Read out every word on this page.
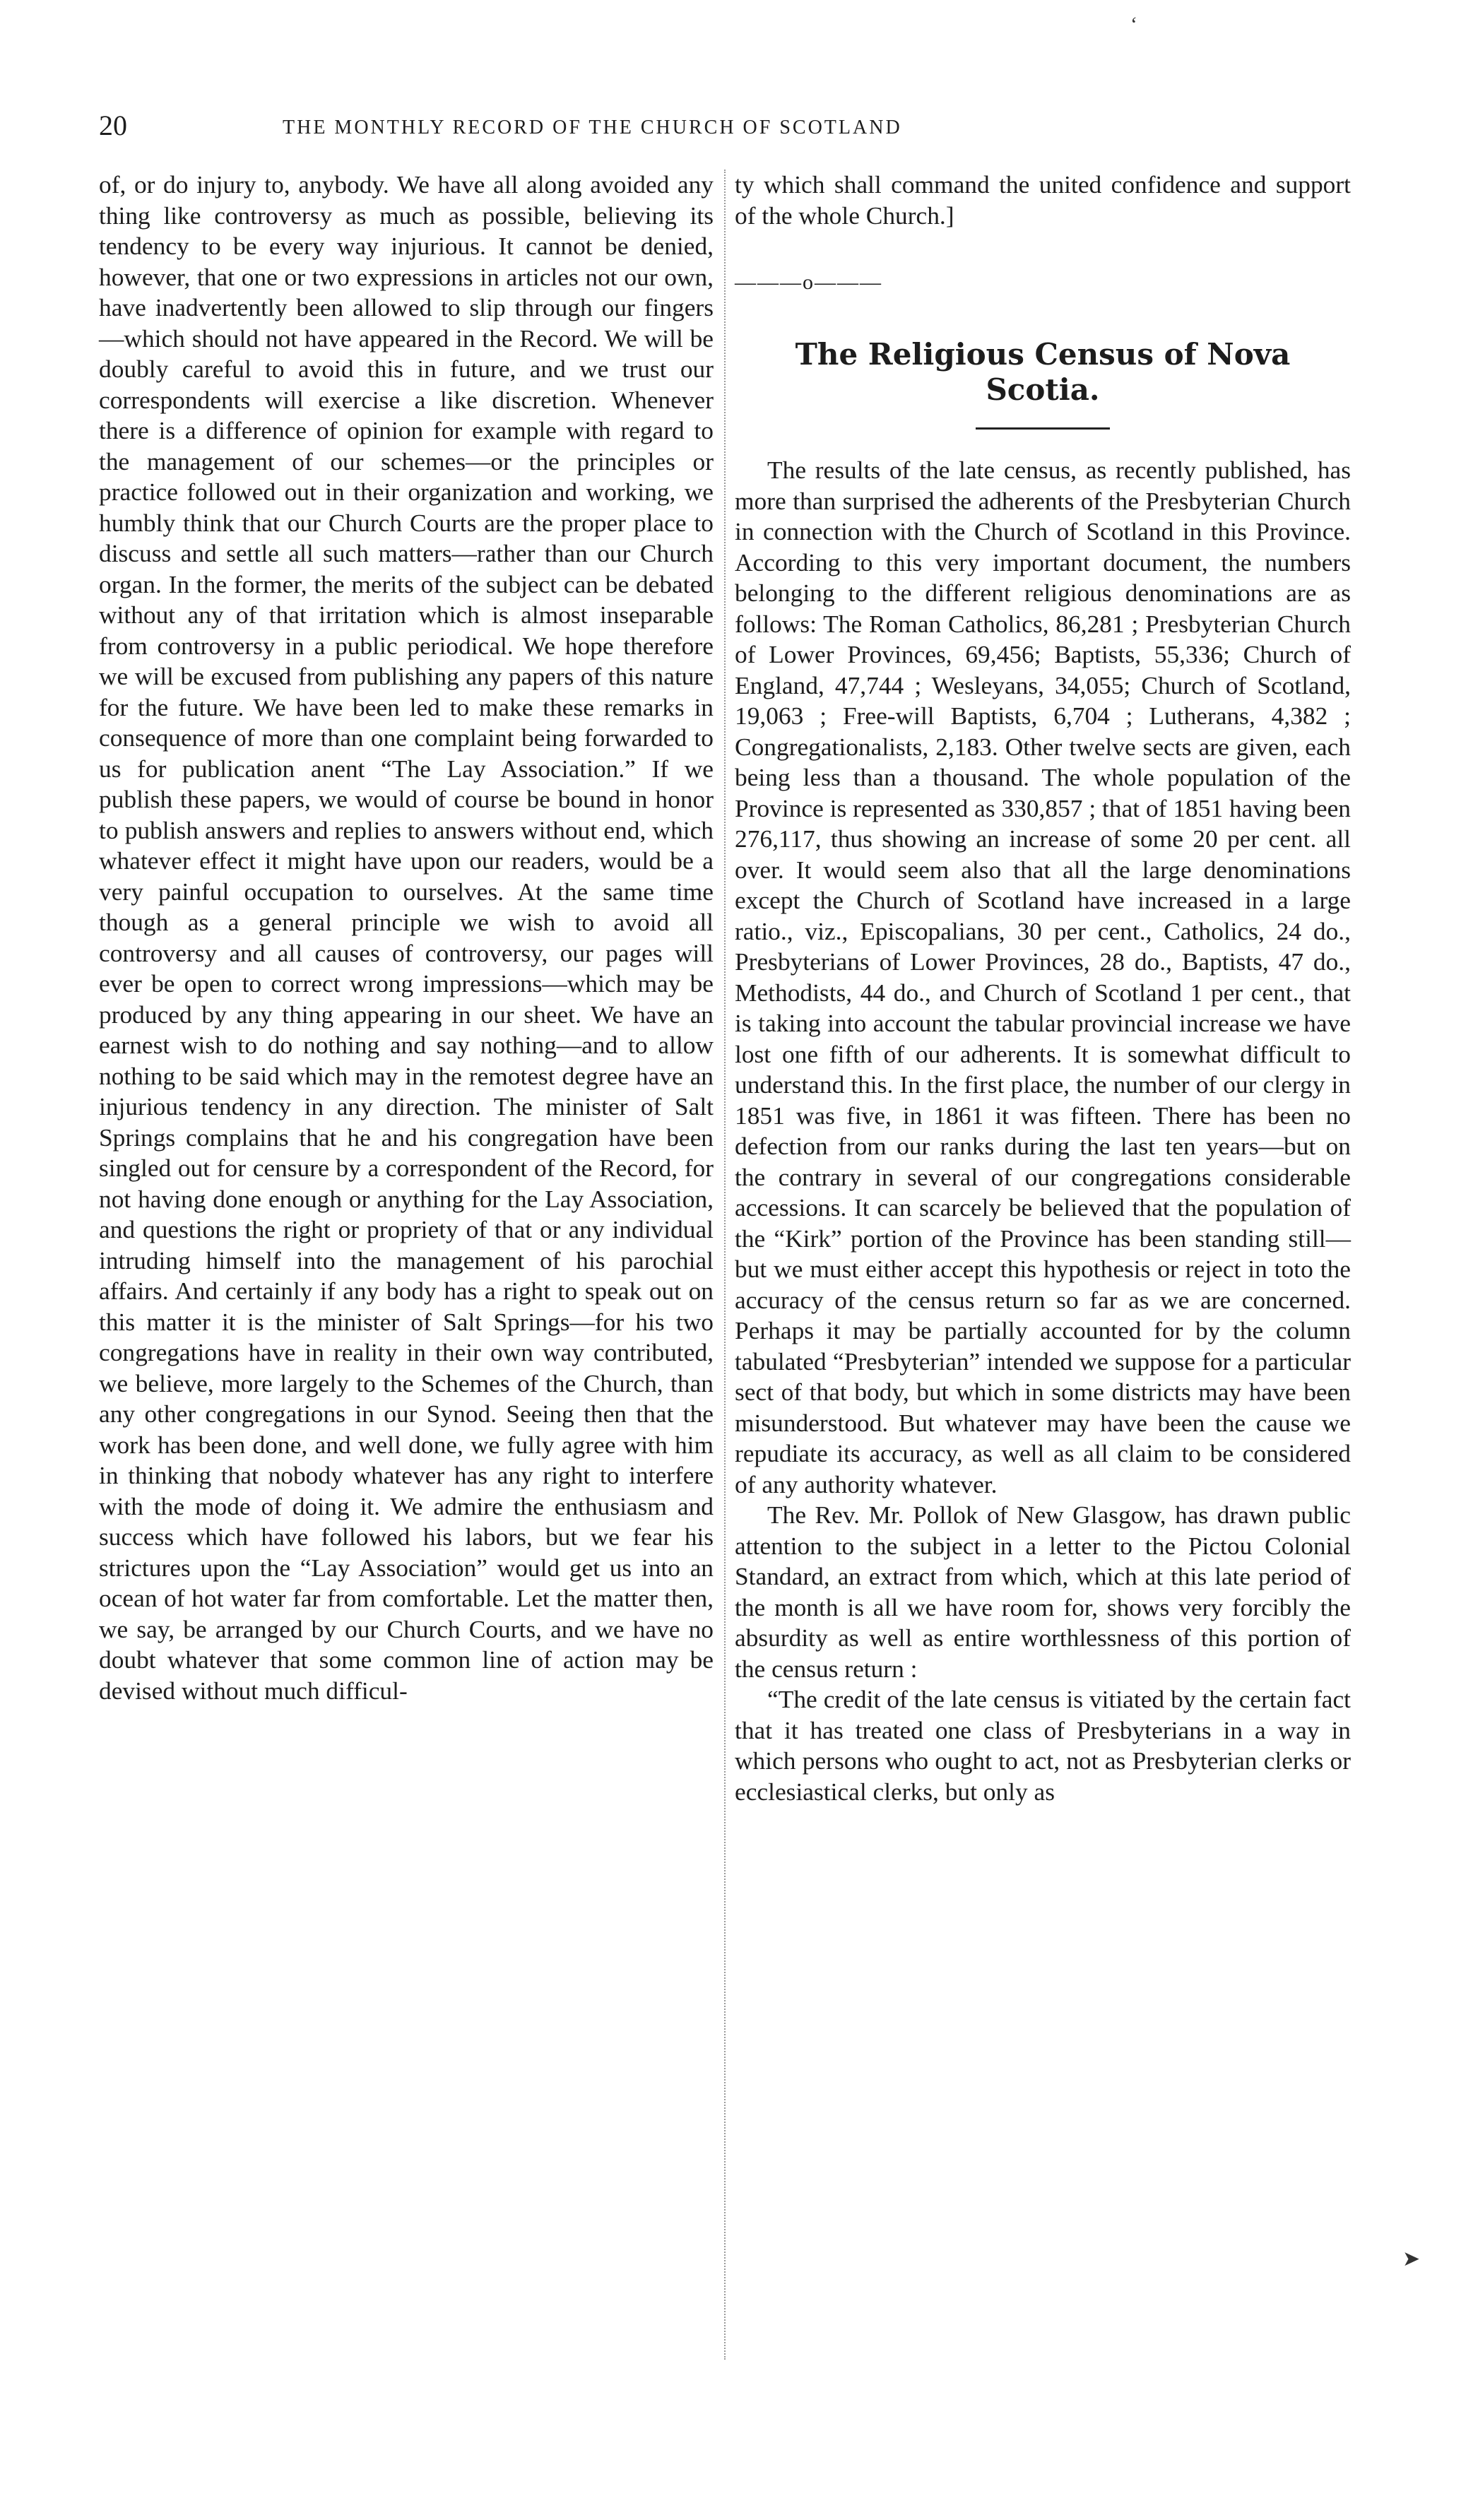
20	THE MONTHLY RECORD OF THE CHURCH OF SCOTLAND

of, or do injury to, anybody. We have all along avoided any thing like controversy as much as possible, believing its tendency to be every way injurious. It cannot be denied, however, that one or two expressions in articles not our own, have inadvertently been allowed to slip through our fingers—which should not have appeared in the Record. We will be doubly careful to avoid this in future, and we trust our correspondents will exercise a like discretion. Whenever there is a difference of opinion for example with regard to the management of our schemes—or the principles or practice followed out in their organization and working, we humbly think that our Church Courts are the proper place to discuss and settle all such matters—rather than our Church organ. In the former, the merits of the subject can be debated without any of that irritation which is almost inseparable from controversy in a public periodical. We hope therefore we will be excused from publishing any papers of this nature for the future. We have been led to make these remarks in consequence of more than one complaint being forwarded to us for publication anent “The Lay Association.” If we publish these papers, we would of course be bound in honor to publish answers and replies to answers without end, which whatever effect it might have upon our readers, would be a very painful occupation to ourselves. At the same time though as a general principle we wish to avoid all controversy and all causes of controversy, our pages will ever be open to correct wrong impressions—which may be produced by any thing appearing in our sheet. We have an earnest wish to do nothing and say nothing—and to allow nothing to be said which may in the remotest degree have an injurious tendency in any direction. The minister of Salt Springs complains that he and his congregation have been singled out for censure by a correspondent of the Record, for not having done enough or anything for the Lay Association, and questions the right or propriety of that or any individual intruding himself into the management of his parochial affairs. And certainly if any body has a right to speak out on this matter it is the minister of Salt Springs—for his two congregations have in reality in their own way contributed, we believe, more largely to the Schemes of the Church, than any other congregations in our Synod. Seeing then that the work has been done, and well done, we fully agree with him in thinking that nobody whatever has any right to interfere with the mode of doing it. We admire the enthusiasm and success which have followed his labors, but we fear his strictures upon the “Lay Association” would get us into an ocean of hot water far from comfortable. Let the matter then, we say, be arranged by our Church Courts, and we have no doubt whatever that some common line of action may be devised without much difficul-

ty which shall command the united confidence and support of the whole Church.]

———o———

The Religious Census of Nova Scotia.

The results of the late census, as recently published, has more than surprised the adherents of the Presbyterian Church in connection with the Church of Scotland in this Province. According to this very important document, the numbers belonging to the different religious denominations are as follows: The Roman Catholics, 86,281 ; Presbyterian Church of Lower Provinces, 69,456; Baptists, 55,336; Church of England, 47,744 ; Wesleyans, 34,055; Church of Scotland, 19,063 ; Free-will Baptists, 6,704 ; Lutherans, 4,382 ; Congregationalists, 2,183. Other twelve sects are given, each being less than a thousand. The whole population of the Province is represented as 330,857 ; that of 1851 having been 276,117, thus showing an increase of some 20 per cent. all over. It would seem also that all the large denominations except the Church of Scotland have increased in a large ratio., viz., Episcopalians, 30 per cent., Catholics, 24 do., Presbyterians of Lower Provinces, 28 do., Baptists, 47 do., Methodists, 44 do., and Church of Scotland 1 per cent., that is taking into account the tabular provincial increase we have lost one fifth of our adherents. It is somewhat difficult to understand this. In the first place, the number of our clergy in 1851 was five, in 1861 it was fifteen. There has been no defection from our ranks during the last ten years—but on the contrary in several of our congregations considerable accessions. It can scarcely be believed that the population of the “Kirk” portion of the Province has been standing still—but we must either accept this hypothesis or reject in toto the accuracy of the census return so far as we are concerned. Perhaps it may be partially accounted for by the column tabulated “Presbyterian” intended we suppose for a particular sect of that body, but which in some districts may have been misunderstood. But whatever may have been the cause we repudiate its accuracy, as well as all claim to be considered of any authority whatever.

The Rev. Mr. Pollok of New Glasgow, has drawn public attention to the subject in a letter to the Pictou Colonial Standard, an extract from which, which at this late period of the month is all we have room for, shows very forcibly the absurdity as well as entire worthlessness of this portion of the census return :

“The credit of the late census is vitiated by the certain fact that it has treated one class of Presbyterians in a way in which persons who ought to act, not as Presbyterian clerks or ecclesiastical clerks, but only as

‘
➤
